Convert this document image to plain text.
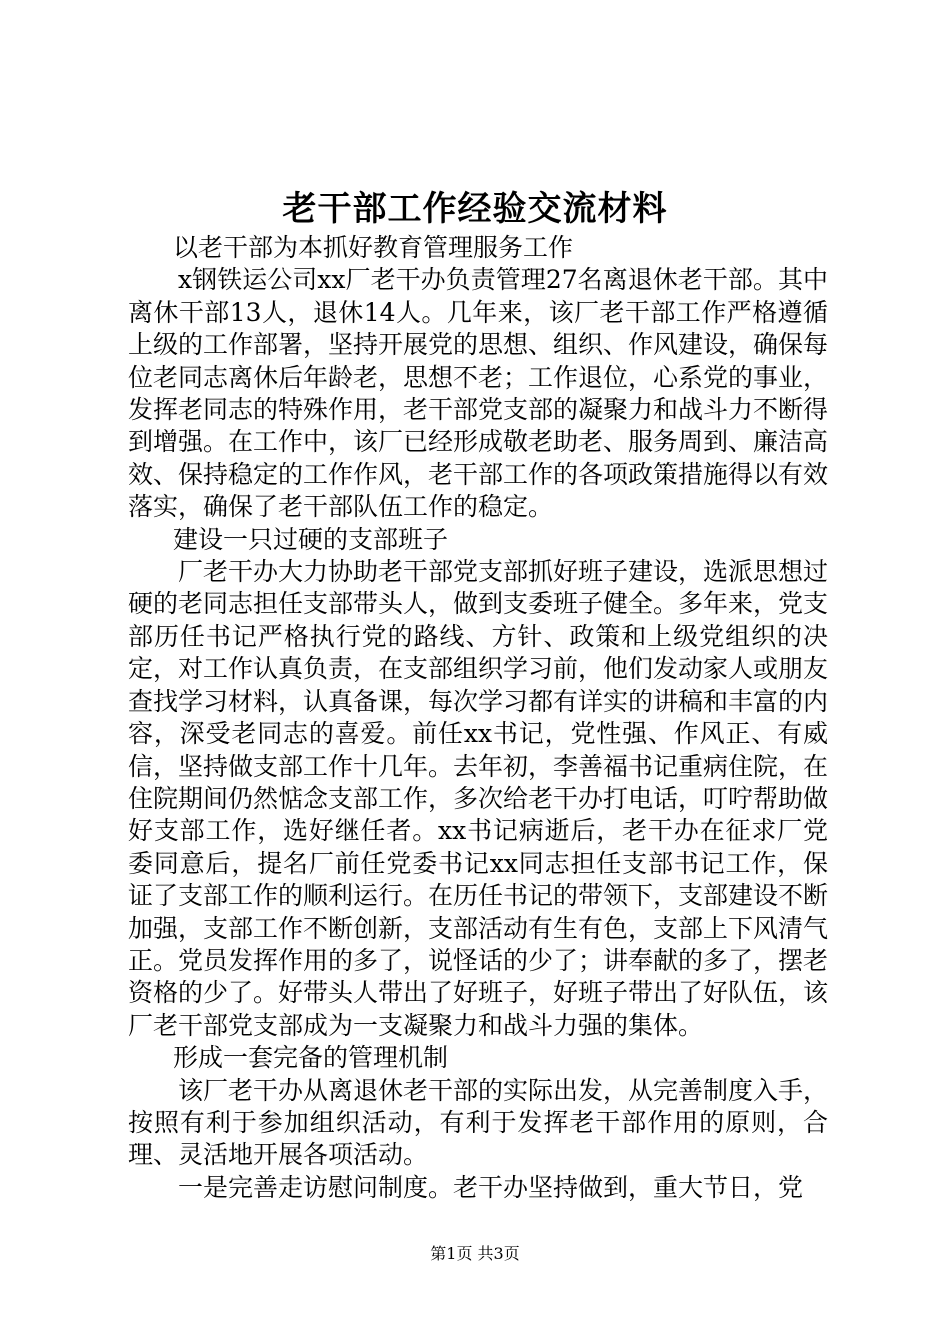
老干部工作经验交流材料

以老干部为本抓好教育管理服务工作

x钢铁运公司xx厂老干办负责管理27名离退休老干部。其中离休干部13人，退休14人。几年来，该厂老干部工作严格遵循上级的工作部署，坚持开展党的思想、组织、作风建设，确保每位老同志离休后年龄老，思想不老；工作退位，心系党的事业，发挥老同志的特殊作用，老干部党支部的凝聚力和战斗力不断得到增强。在工作中，该厂已经形成敬老助老、服务周到、廉洁高效、保持稳定的工作作风，老干部工作的各项政策措施得以有效落实，确保了老干部队伍工作的稳定。

建设一只过硬的支部班子

厂老干办大力协助老干部党支部抓好班子建设，选派思想过硬的老同志担任支部带头人，做到支委班子健全。多年来，党支部历任书记严格执行党的路线、方针、政策和上级党组织的决定，对工作认真负责，在支部组织学习前，他们发动家人或朋友查找学习材料，认真备课，每次学习都有详实的讲稿和丰富的内容，深受老同志的喜爱。前任xx书记，党性强、作风正、有威信，坚持做支部工作十几年。去年初，李善福书记重病住院，在住院期间仍然惦念支部工作，多次给老干办打电话，叮咛帮助做好支部工作，选好继任者。xx书记病逝后，老干办在征求厂党委同意后，提名厂前任党委书记xx同志担任支部书记工作，保证了支部工作的顺利运行。在历任书记的带领下，支部建设不断加强，支部工作不断创新，支部活动有生有色，支部上下风清气正。党员发挥作用的多了，说怪话的少了；讲奉献的多了，摆老资格的少了。好带头人带出了好班子，好班子带出了好队伍，该厂老干部党支部成为一支凝聚力和战斗力强的集体。

形成一套完备的管理机制

该厂老干办从离退休老干部的实际出发，从完善制度入手，按照有利于参加组织活动，有利于发挥老干部作用的原则，合理、灵活地开展各项活动。

一是完善走访慰问制度。老干办坚持做到，重大节日，党

第1页 共3页
